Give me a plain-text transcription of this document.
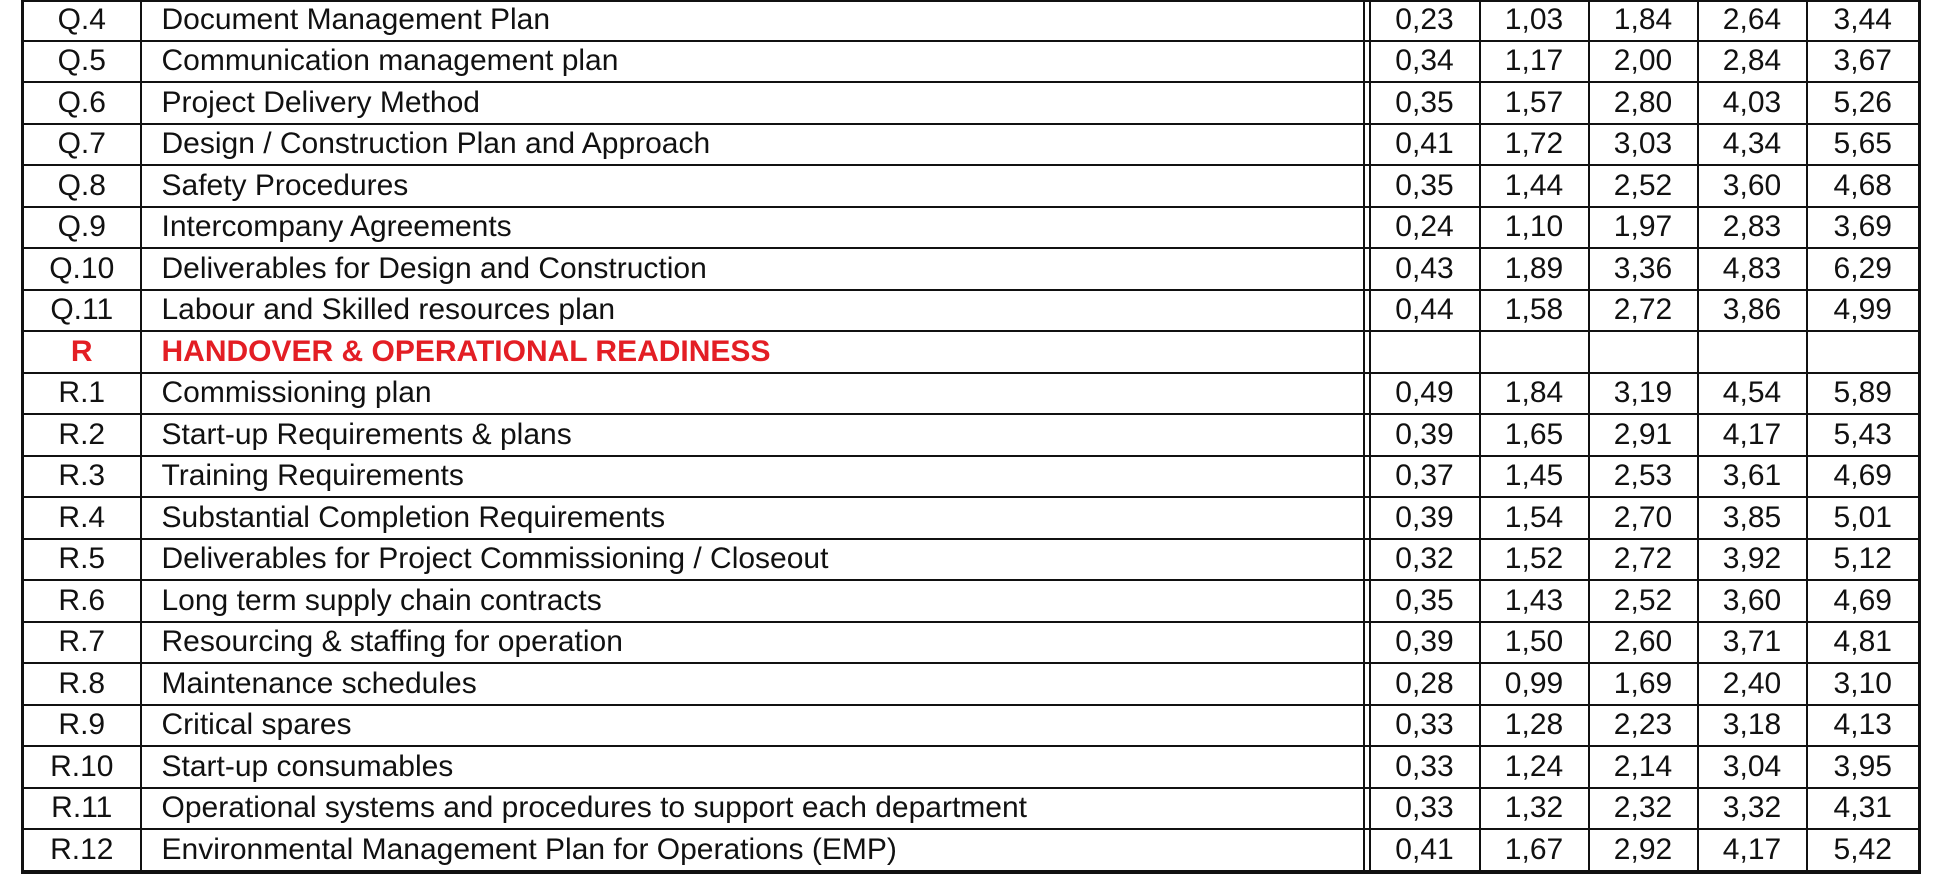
Q.4	Document Management Plan		0,23	1,03	1,84	2,64	3,44
Q.5	Communication management plan		0,34	1,17	2,00	2,84	3,67
Q.6	Project Delivery Method		0,35	1,57	2,80	4,03	5,26
Q.7	Design / Construction Plan and Approach		0,41	1,72	3,03	4,34	5,65
Q.8	Safety Procedures		0,35	1,44	2,52	3,60	4,68
Q.9	Intercompany Agreements		0,24	1,10	1,97	2,83	3,69
Q.10	Deliverables for Design and Construction		0,43	1,89	3,36	4,83	6,29
Q.11	Labour and Skilled resources plan		0,44	1,58	2,72	3,86	4,99
R	HANDOVER & OPERATIONAL READINESS						
R.1	Commissioning plan		0,49	1,84	3,19	4,54	5,89
R.2	Start-up Requirements & plans		0,39	1,65	2,91	4,17	5,43
R.3	Training Requirements		0,37	1,45	2,53	3,61	4,69
R.4	Substantial Completion Requirements		0,39	1,54	2,70	3,85	5,01
R.5	Deliverables for Project Commissioning / Closeout		0,32	1,52	2,72	3,92	5,12
R.6	Long term supply chain contracts		0,35	1,43	2,52	3,60	4,69
R.7	Resourcing & staffing for operation		0,39	1,50	2,60	3,71	4,81
R.8	Maintenance schedules		0,28	0,99	1,69	2,40	3,10
R.9	Critical spares		0,33	1,28	2,23	3,18	4,13
R.10	Start-up consumables		0,33	1,24	2,14	3,04	3,95
R.11	Operational systems and procedures to support each department		0,33	1,32	2,32	3,32	4,31
R.12	Environmental Management Plan for Operations (EMP)		0,41	1,67	2,92	4,17	5,42
